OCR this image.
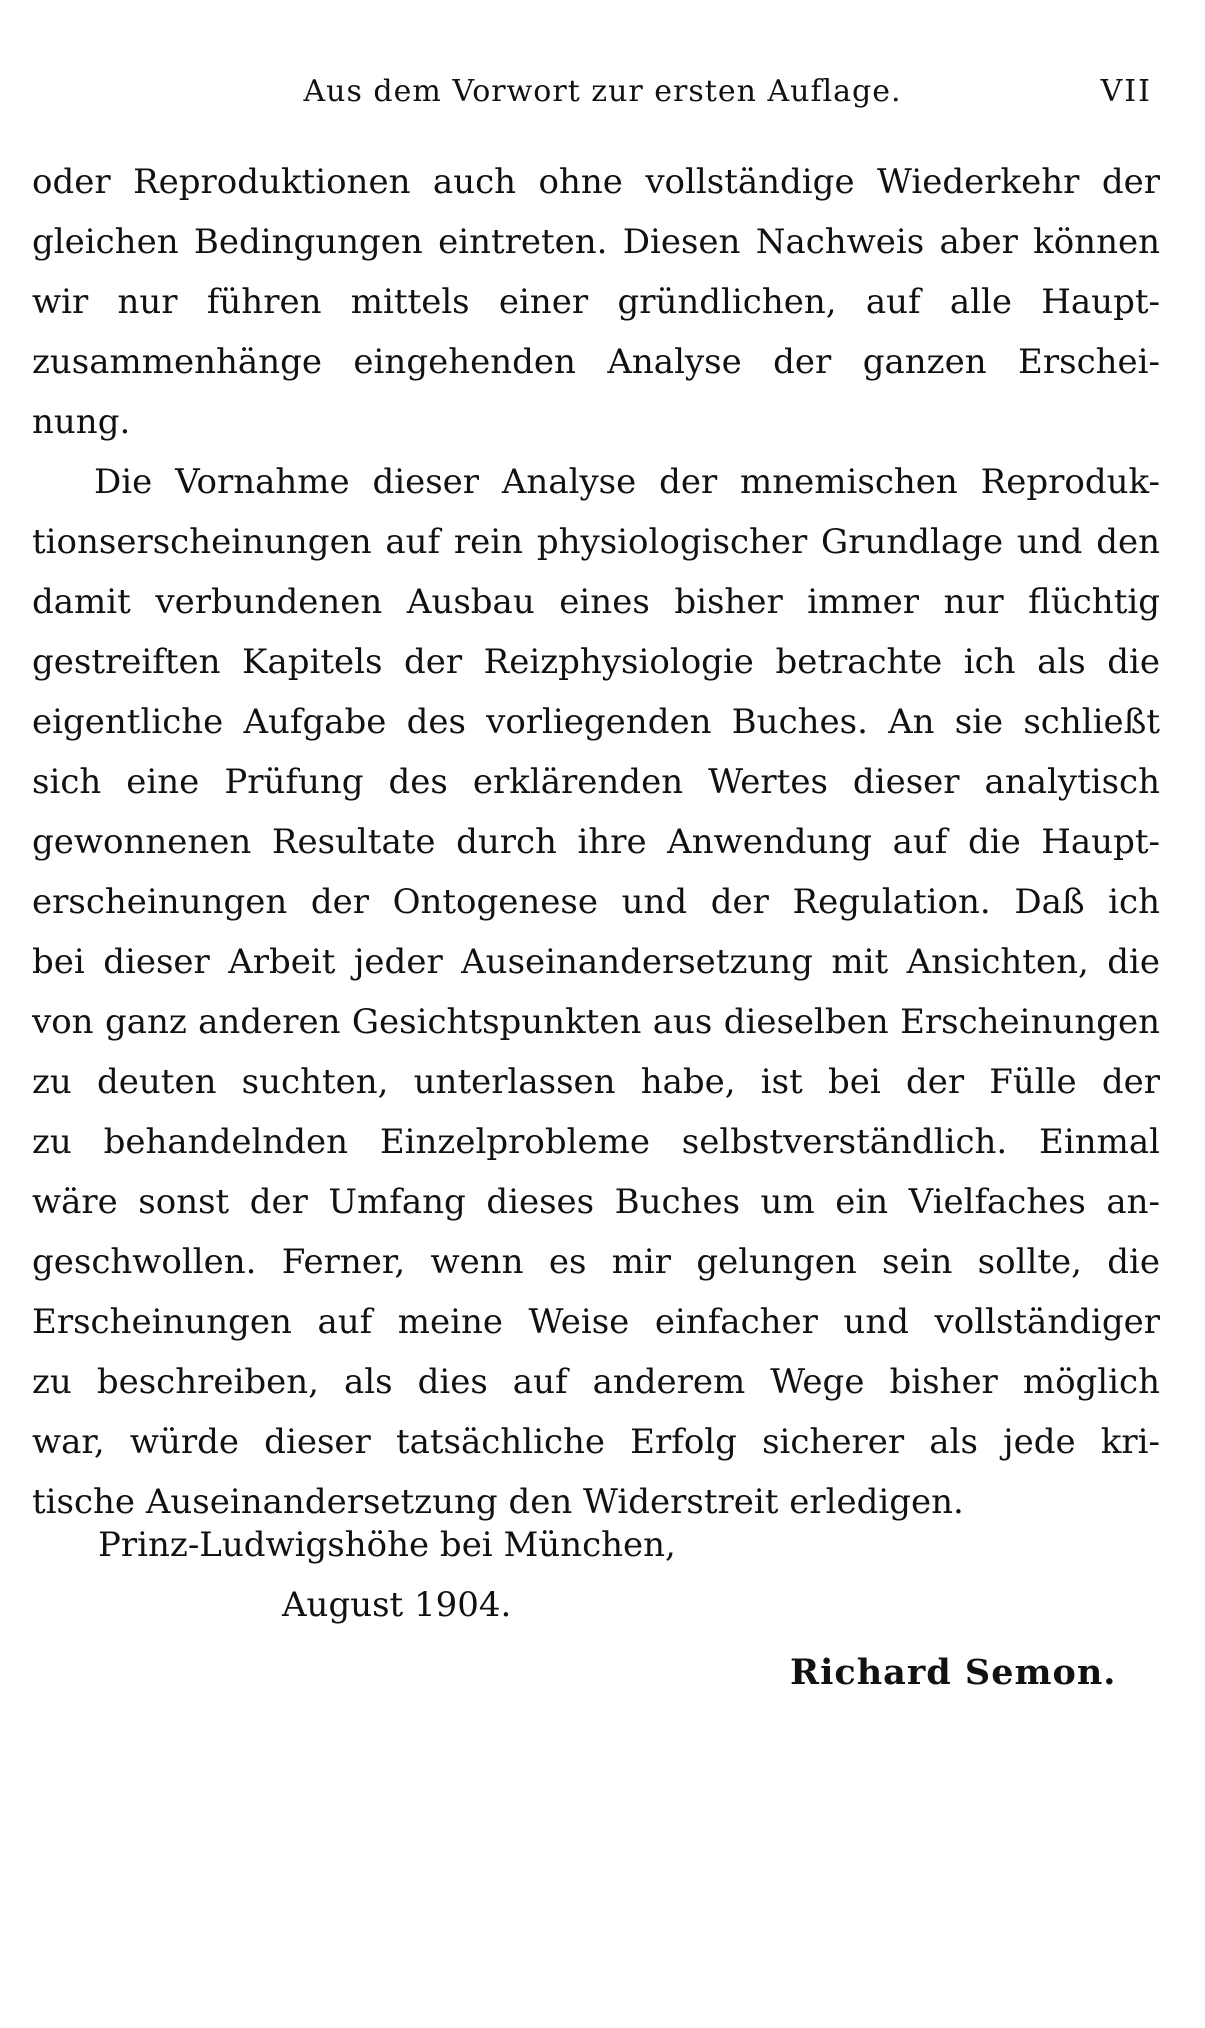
Aus dem Vorwort zur ersten Auflage.	VII
oder Reproduktionen auch ohne vollständige Wiederkehr der
gleichen Bedingungen eintreten. Diesen Nachweis aber können
wir nur führen mittels einer gründlichen, auf alle Haupt-
zusammenhänge eingehenden Analyse der ganzen Erschei-
nung.
Die Vornahme dieser Analyse der mnemischen Reproduk-
tionserscheinungen auf rein physiologischer Grundlage und den
damit verbundenen Ausbau eines bisher immer nur flüchtig
gestreiften Kapitels der Reizphysiologie betrachte ich als die
eigentliche Aufgabe des vorliegenden Buches. An sie schließt
sich eine Prüfung des erklärenden Wertes dieser analytisch
gewonnenen Resultate durch ihre Anwendung auf die Haupt-
erscheinungen der Ontogenese und der Regulation. Daß ich
bei dieser Arbeit jeder Auseinandersetzung mit Ansichten, die
von ganz anderen Gesichtspunkten aus dieselben Erscheinungen
zu deuten suchten, unterlassen habe, ist bei der Fülle der
zu behandelnden Einzelprobleme selbstverständlich. Einmal
wäre sonst der Umfang dieses Buches um ein Vielfaches an-
geschwollen. Ferner, wenn es mir gelungen sein sollte, die
Erscheinungen auf meine Weise einfacher und vollständiger
zu beschreiben, als dies auf anderem Wege bisher möglich
war, würde dieser tatsächliche Erfolg sicherer als jede kri-
tische Auseinandersetzung den Widerstreit erledigen.
Prinz-Ludwigshöhe bei München,
August 1904.
Richard Semon.
